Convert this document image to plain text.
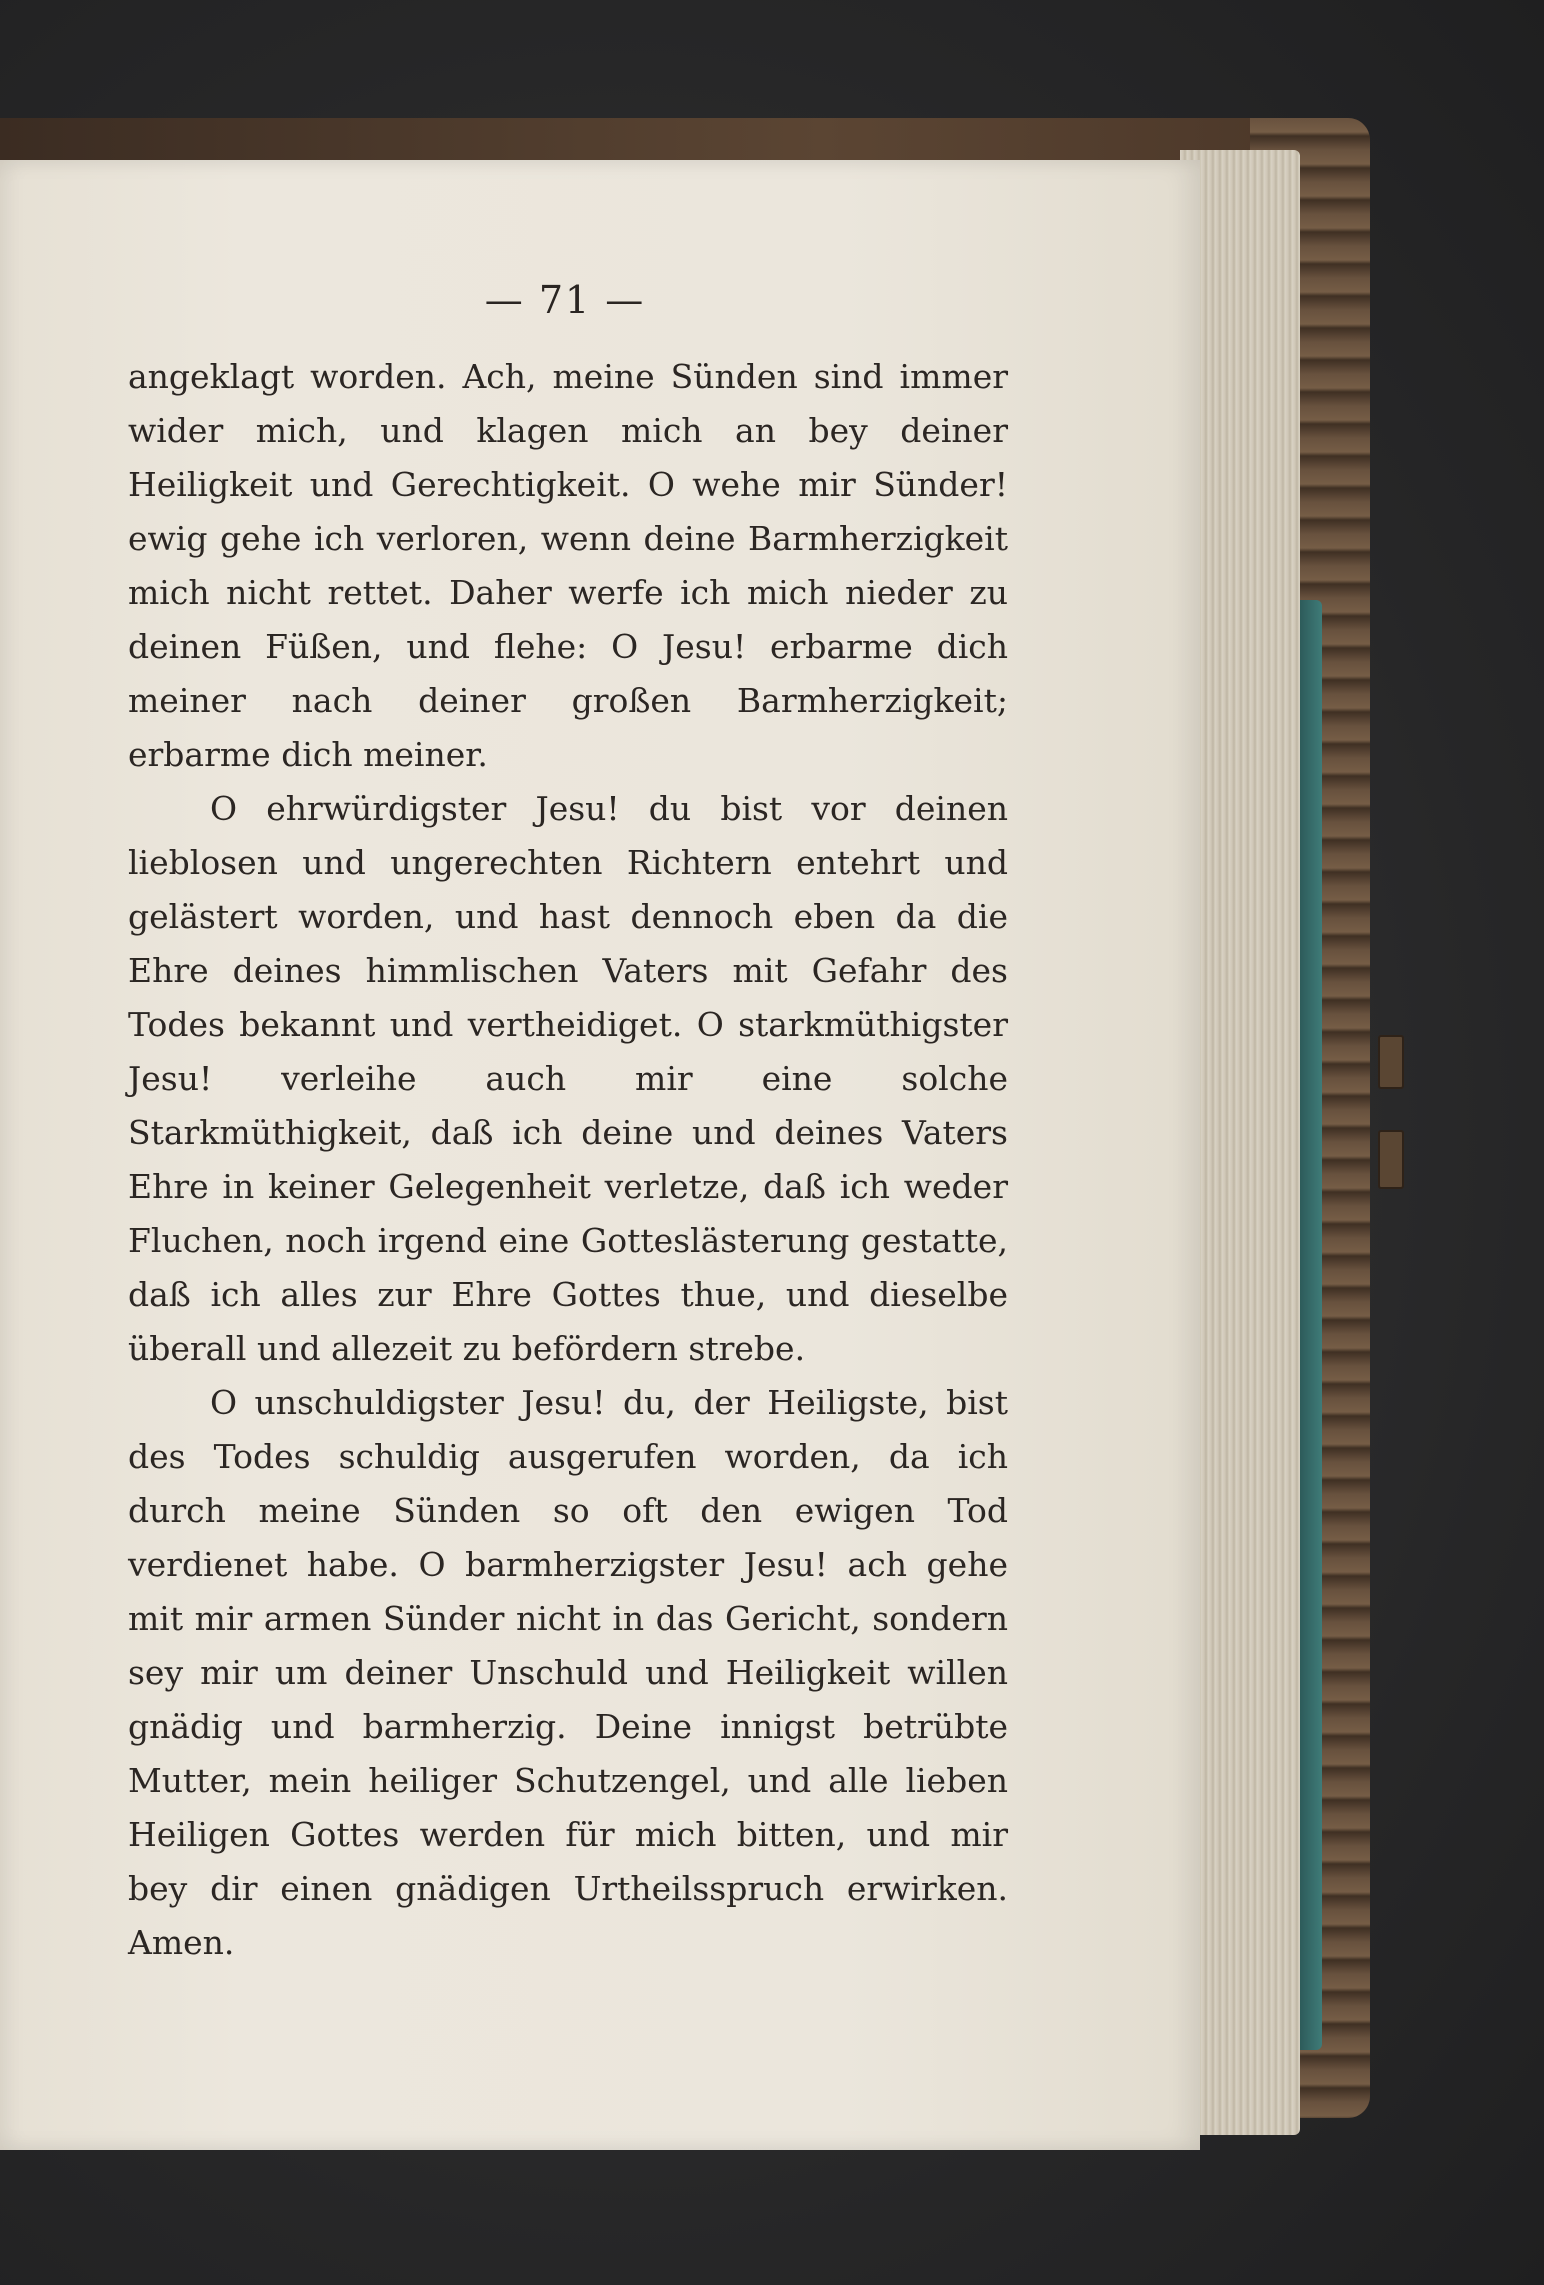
— 71 —

angeklagt worden. Ach, meine Sünden sind immer wider mich, und klagen mich an bey deiner Heiligkeit und Gerechtigkeit. O wehe mir Sünder! ewig gehe ich verloren, wenn deine Barmherzigkeit mich nicht rettet. Daher werfe ich mich nieder zu deinen Füßen, und flehe: O Jesu! erbarme dich meiner nach deiner großen Barmherzigkeit; erbarme dich meiner.

O ehrwürdigster Jesu! du bist vor deinen lieblosen und ungerechten Richtern entehrt und gelästert worden, und hast dennoch eben da die Ehre deines himmlischen Vaters mit Gefahr des Todes bekannt und vertheidiget. O starkmüthigster Jesu! verleihe auch mir eine solche Starkmüthigkeit, daß ich deine und deines Vaters Ehre in keiner Gelegenheit verletze, daß ich weder Fluchen, noch irgend eine Gotteslästerung gestatte, daß ich alles zur Ehre Gottes thue, und dieselbe überall und allezeit zu befördern strebe.

O unschuldigster Jesu! du, der Heiligste, bist des Todes schuldig ausgerufen worden, da ich durch meine Sünden so oft den ewigen Tod verdienet habe. O barmherzigster Jesu! ach gehe mit mir armen Sünder nicht in das Gericht, sondern sey mir um deiner Unschuld und Heiligkeit willen gnädig und barmherzig. Deine innigst betrübte Mutter, mein heiliger Schutzengel, und alle lieben Heiligen Gottes werden für mich bitten, und mir bey dir einen gnädigen Urtheilsspruch erwirken. Amen.
